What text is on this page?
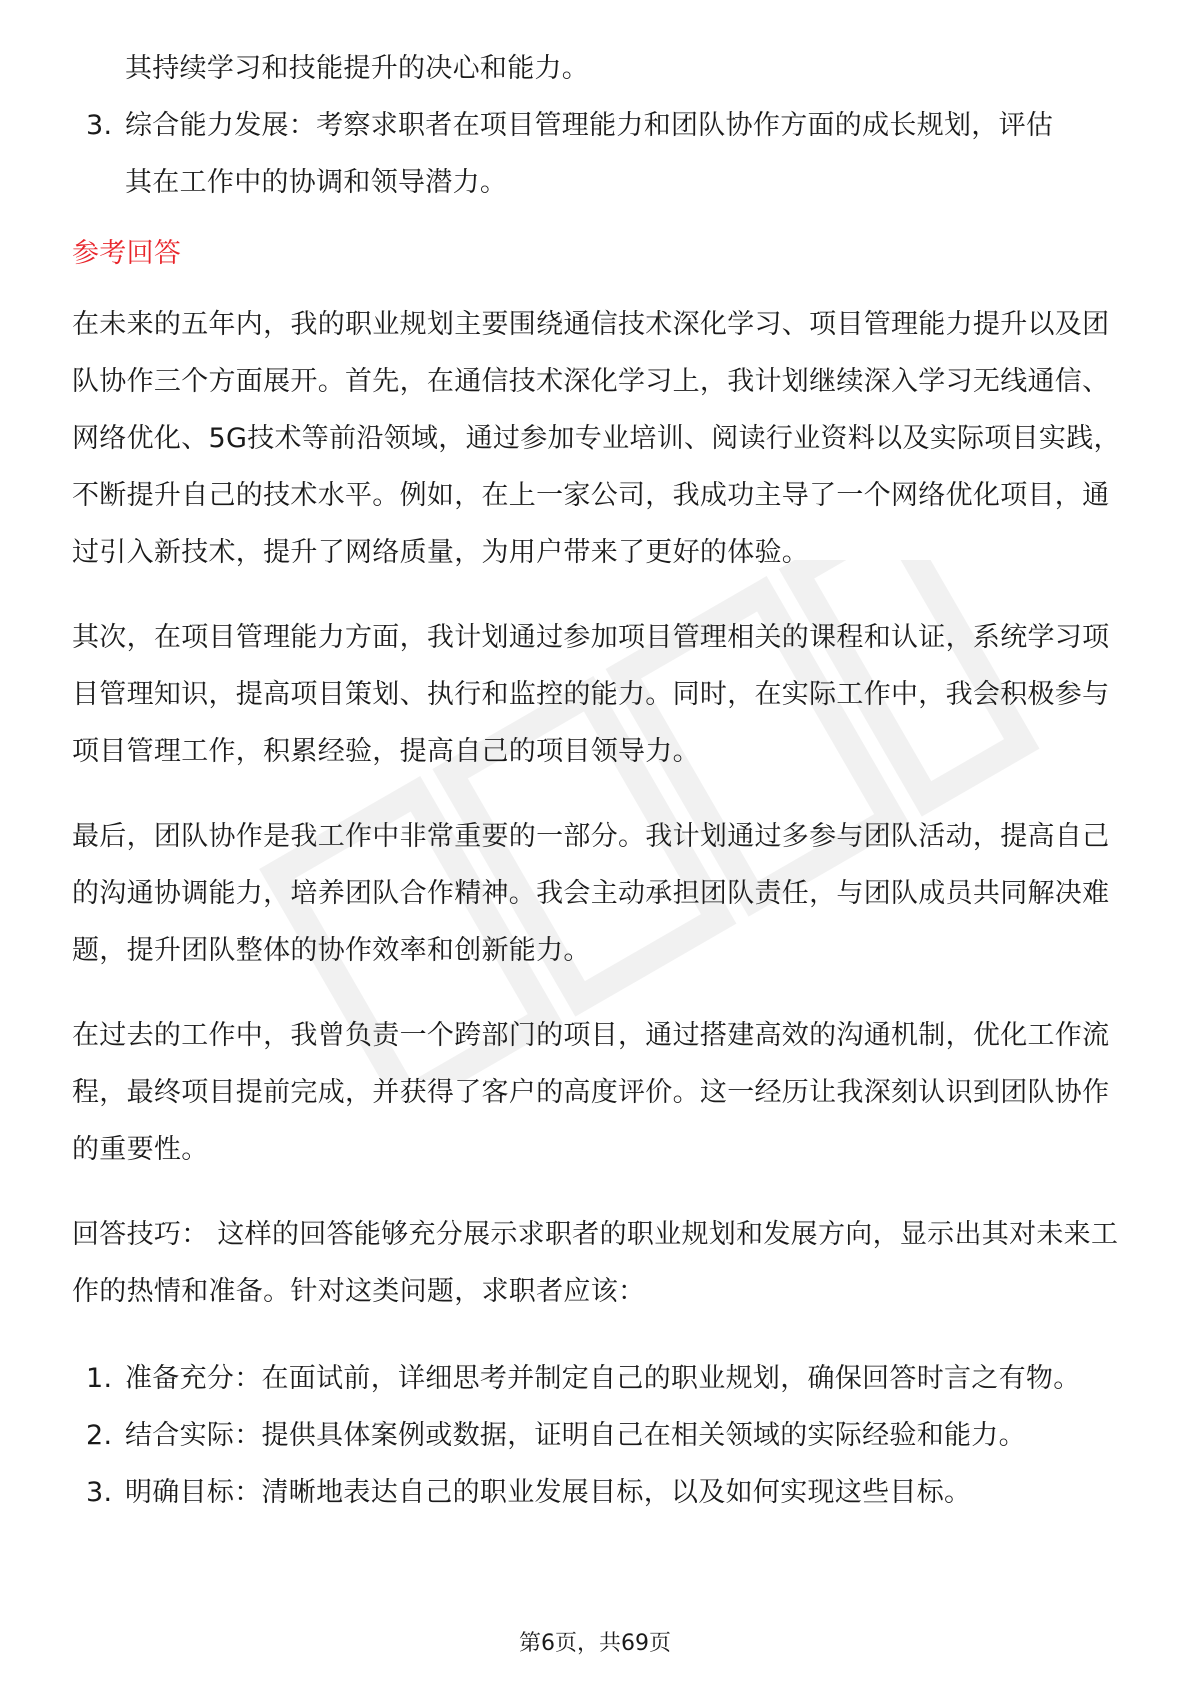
其持续学习和技能提升的决心和能力。
3. 综合能力发展：考察求职者在项目管理能力和团队协作方面的成长规划，评估
其在工作中的协调和领导潜力。
参考回答
在未来的五年内，我的职业规划主要围绕通信技术深化学习、项目管理能力提升以及团队协作三个方面展开。首先，在通信技术深化学习上，我计划继续深入学习无线通信、网络优化、5G技术等前沿领域，通过参加专业培训、阅读行业资料以及实际项目实践，不断提升自己的技术水平。例如，在上一家公司，我成功主导了一个网络优化项目，通过引入新技术，提升了网络质量，为用户带来了更好的体验。
其次，在项目管理能力方面，我计划通过参加项目管理相关的课程和认证，系统学习项目管理知识，提高项目策划、执行和监控的能力。同时，在实际工作中，我会积极参与项目管理工作，积累经验，提高自己的项目领导力。
最后，团队协作是我工作中非常重要的一部分。我计划通过多参与团队活动，提高自己的沟通协调能力，培养团队合作精神。我会主动承担团队责任，与团队成员共同解决难题，提升团队整体的协作效率和创新能力。
在过去的工作中，我曾负责一个跨部门的项目，通过搭建高效的沟通机制，优化工作流程，最终项目提前完成，并获得了客户的高度评价。这一经历让我深刻认识到团队协作的重要性。
回答技巧： 这样的回答能够充分展示求职者的职业规划和发展方向，显示出其对未来工作的热情和准备。针对这类问题，求职者应该：
1. 准备充分：在面试前，详细思考并制定自己的职业规划，确保回答时言之有物。
2. 结合实际：提供具体案例或数据，证明自己在相关领域的实际经验和能力。
3. 明确目标：清晰地表达自己的职业发展目标，以及如何实现这些目标。
第6页，共69页
